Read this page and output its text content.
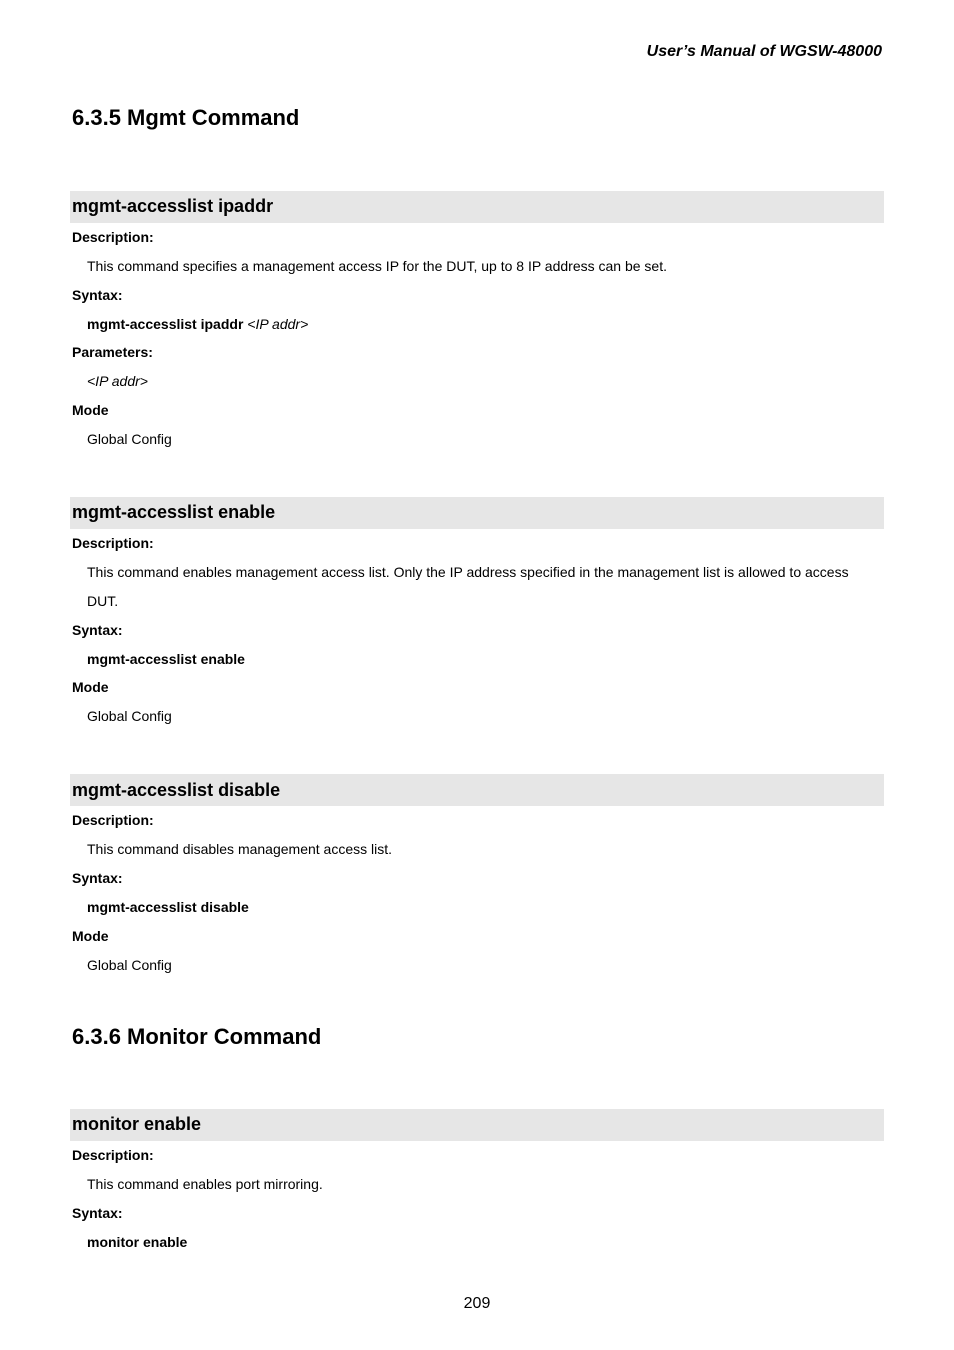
User’s Manual of WGSW-48000
6.3.5 Mgmt Command
mgmt-accesslist ipaddr
Description:
This command specifies a management access IP for the DUT, up to 8 IP address can be set.
Syntax:
mgmt-accesslist ipaddr <IP addr>
Parameters:
<IP addr>
Mode
Global Config
mgmt-accesslist enable
Description:
This command enables management access list. Only the IP address specified in the management list is allowed to access
DUT.
Syntax:
mgmt-accesslist enable
Mode
Global Config
mgmt-accesslist disable
Description:
This command disables management access list.
Syntax:
mgmt-accesslist disable
Mode
Global Config
6.3.6 Monitor Command
monitor enable
Description:
This command enables port mirroring.
Syntax:
monitor enable
209
